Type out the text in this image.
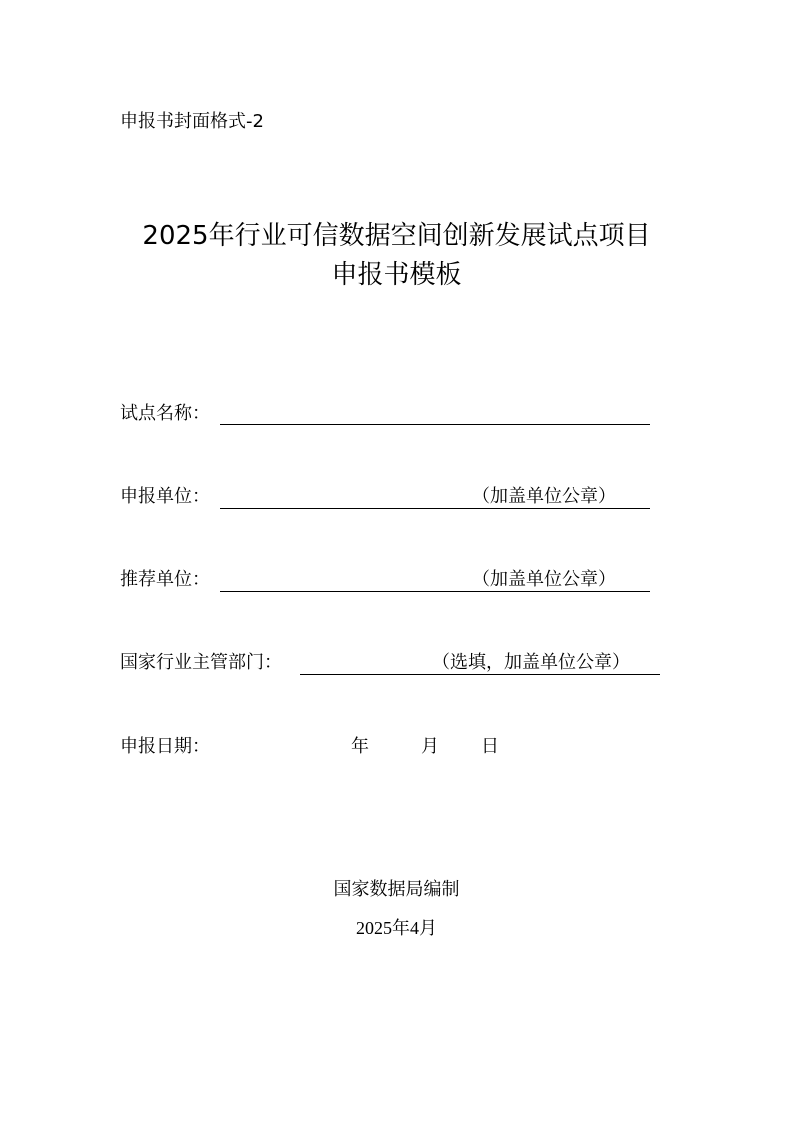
申报书封面格式-2
2025年行业可信数据空间创新发展试点项目
申报书模板
试点名称：
申报单位：	（加盖单位公章）
推荐单位：	（加盖单位公章）
国家行业主管部门：	（选填，加盖单位公章）
申报日期：	年	月 日
国家数据局编制
2025年4月
